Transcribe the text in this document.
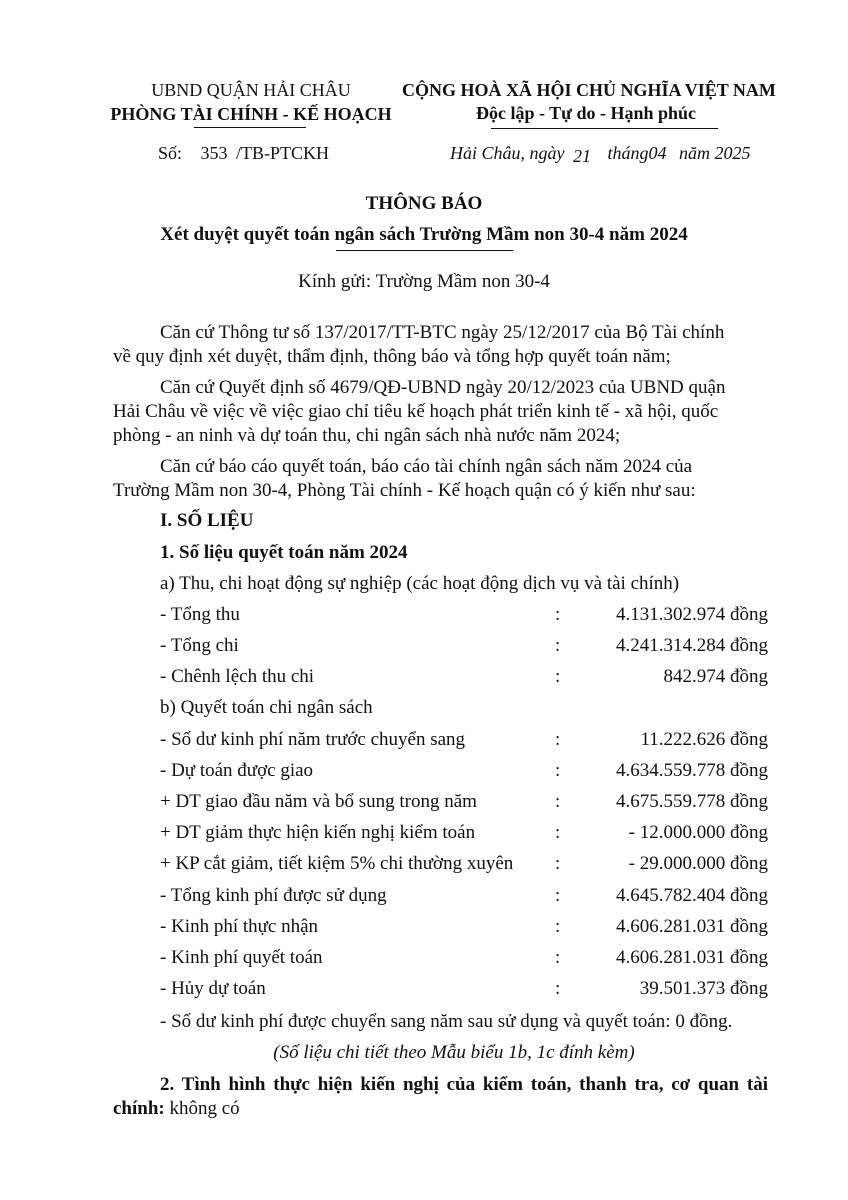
UBND QUẬN HẢI CHÂU
PHÒNG TÀI CHÍNH - KẾ HOẠCH
CỘNG HOÀ XÃ HỘI CHỦ NGHĨA VIỆT NAM
Độc lập - Tự do - Hạnh phúc
Số: 353 /TB-PTCKH	Hải Châu, ngày 21 tháng04 năm 2025
THÔNG BÁO
Xét duyệt quyết toán ngân sách Trường Mầm non 30-4 năm 2024
Kính gửi: Trường Mầm non 30-4
Căn cứ Thông tư số 137/2017/TT-BTC ngày 25/12/2017 của Bộ Tài chính
về quy định xét duyệt, thẩm định, thông báo và tổng hợp quyết toán năm;
Căn cứ Quyết định số 4679/QĐ-UBND ngày 20/12/2023 của UBND quận
Hải Châu về việc về việc giao chỉ tiêu kế hoạch phát triển kinh tế - xã hội, quốc
phòng - an ninh và dự toán thu, chi ngân sách nhà nước năm 2024;
Căn cứ báo cáo quyết toán, báo cáo tài chính ngân sách năm 2024 của
Trường Mầm non 30-4, Phòng Tài chính - Kế hoạch quận có ý kiến như sau:
I. SỐ LIỆU
1. Số liệu quyết toán năm 2024
a) Thu, chi hoạt động sự nghiệp (các hoạt động dịch vụ và tài chính)
- Tổng thu	:	4.131.302.974 đồng
- Tổng chi	:	4.241.314.284 đồng
- Chênh lệch thu chi	:	842.974 đồng
b) Quyết toán chi ngân sách
- Số dư kinh phí năm trước chuyển sang	:	11.222.626 đồng
- Dự toán được giao	:	4.634.559.778 đồng
+ DT giao đầu năm và bổ sung trong năm	:	4.675.559.778 đồng
+ DT giảm thực hiện kiến nghị kiểm toán	:	- 12.000.000 đồng
+ KP cắt giảm, tiết kiệm 5% chi thường xuyên :	- 29.000.000 đồng
- Tổng kinh phí được sử dụng	:	4.645.782.404 đồng
- Kinh phí thực nhận	:	4.606.281.031 đồng
- Kinh phí quyết toán	:	4.606.281.031 đồng
- Hủy dự toán	:	39.501.373 đồng
- Số dư kinh phí được chuyển sang năm sau sử dụng và quyết toán: 0 đồng.
(Số liệu chi tiết theo Mẫu biểu 1b, 1c đính kèm)
2. Tình hình thực hiện kiến nghị của kiểm toán, thanh tra, cơ quan tài
chính: không có
